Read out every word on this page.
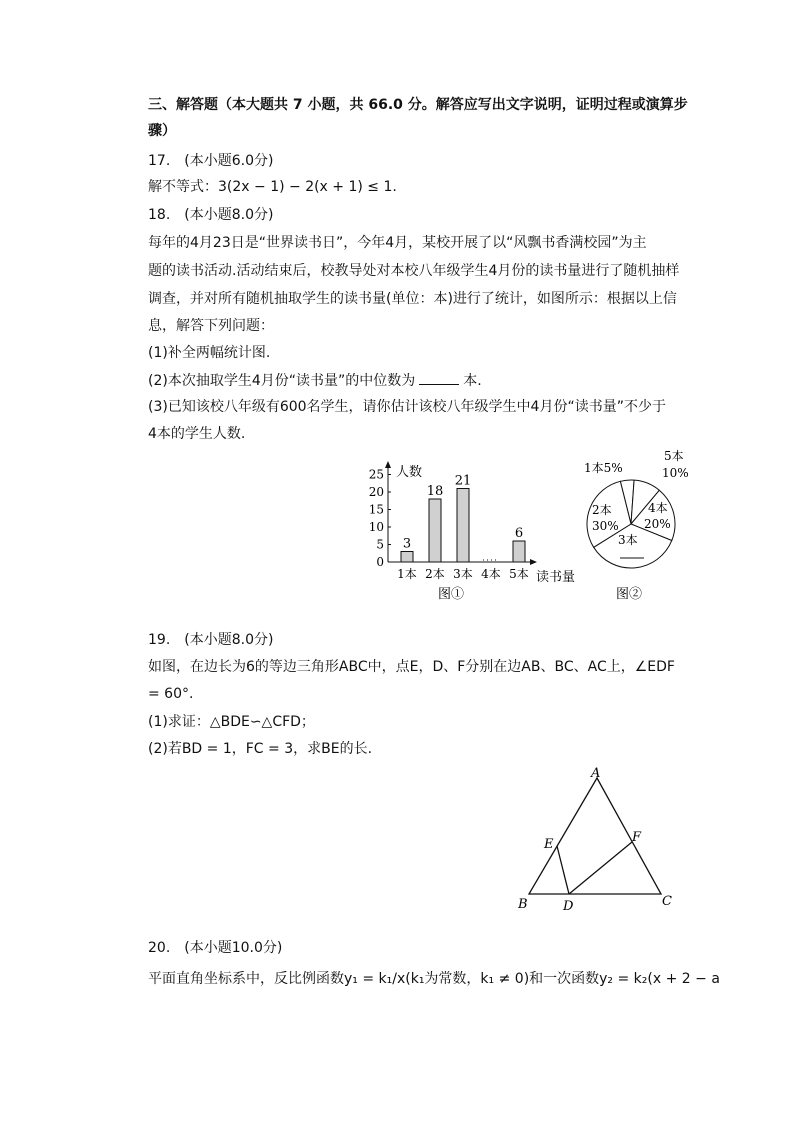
三、解答题（本大题共 7 小题，共 66.0 分。解答应写出文字说明，证明过程或演算步
骤）
17.　(本小题6.0分)
解不等式：3(2x − 1) − 2(x + 1) ≤ 1.
18.　(本小题8.0分)
每年的4月23日是“世界读书日”，今年4月，某校开展了以“风飘书香满校园”为主
题的读书活动.活动结束后，校教导处对本校八年级学生4月份的读书量进行了随机抽样
调查，并对所有随机抽取学生的读书量(单位：本)进行了统计，如图所示：根据以上信
息，解答下列问题：
(1)补全两幅统计图.
(2)本次抽取学生4月份“读书量”的中位数为	本.
(3)已知该校八年级有600名学生，请你估计该校八年级学生中4月份“读书量”不少于
4本的学生人数.
人数
读书量
0
5
10
15
20
25
1本
3
2本
18
3本
21
4本 5本
6
图①
1本5%
5本
10%
4本
20%
3本
2本
30%
图②
19.　(本小题8.0分)
如图，在边长为6的等边三角形ABC中，点E，D、F分别在边AB、BC、AC上，∠EDF
= 60°.
(1)求证：△BDE∽△CFD；
(2)若BD = 1，FC = 3，求BE的长.
A
B	C
D
E	F
20.　(本小题10.0分)
平面直角坐标系中，反比例函数y₁ = k₁/x(k₁为常数，k₁ ≠ 0)和一次函数y₂ = k₂(x + 2 − a
